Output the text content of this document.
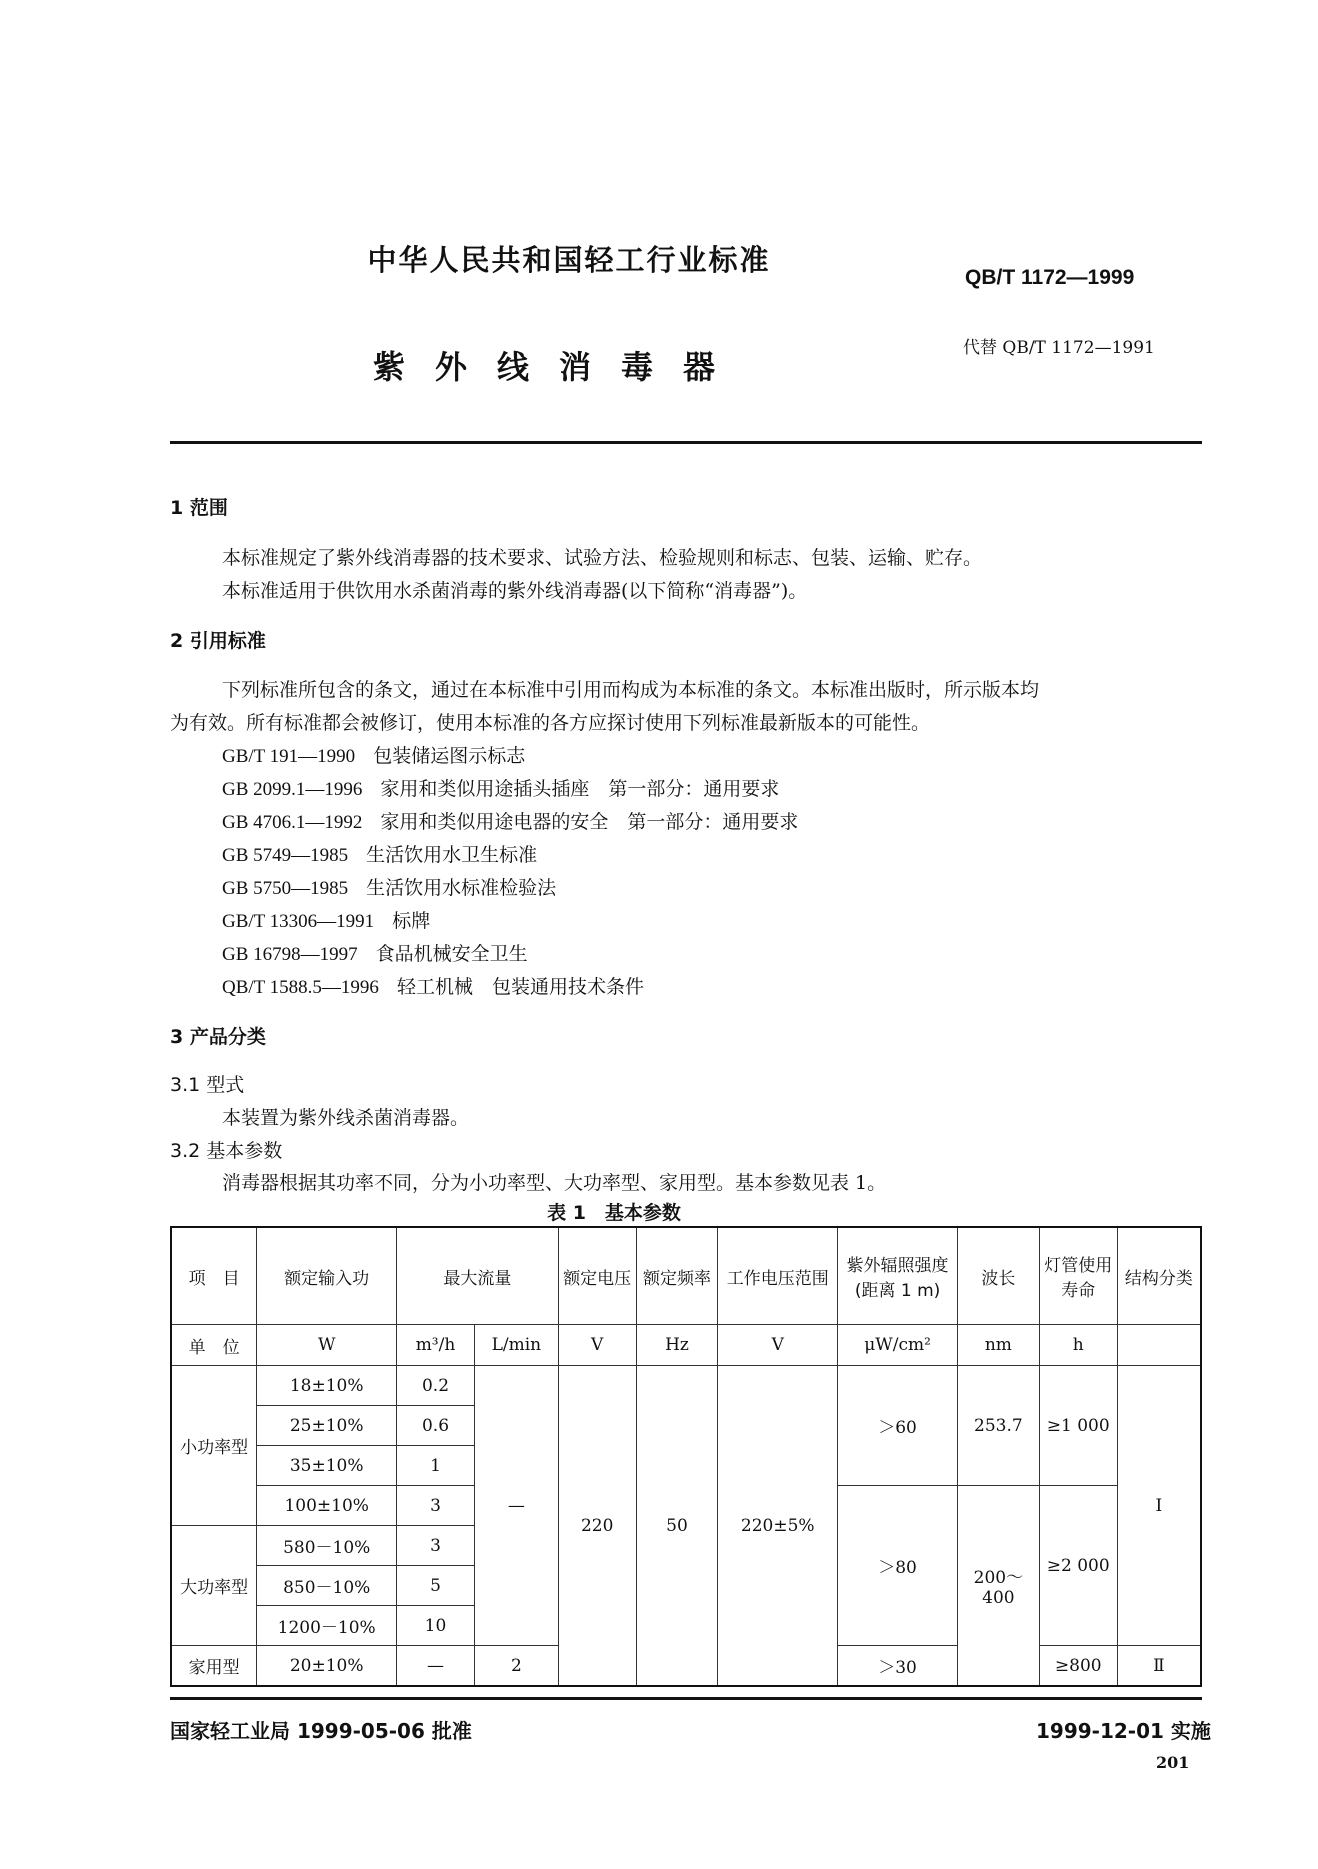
中华人民共和国轻工行业标准
QB/T 1172—1999
紫外线消毒器	代替 QB/T 1172—1991
1 范围
本标准规定了紫外线消毒器的技术要求、试验方法、检验规则和标志、包装、运输、贮存。
本标准适用于供饮用水杀菌消毒的紫外线消毒器(以下简称“消毒器”)。
2 引用标准
下列标准所包含的条文，通过在本标准中引用而构成为本标准的条文。本标准出版时，所示版本均
为有效。所有标准都会被修订，使用本标准的各方应探讨使用下列标准最新版本的可能性。
GB/T 191—1990 包装储运图示标志
GB 2099.1—1996 家用和类似用途插头插座　第一部分：通用要求
GB 4706.1—1992 家用和类似用途电器的安全　第一部分：通用要求
GB 5749—1985 生活饮用水卫生标准
GB 5750—1985 生活饮用水标准检验法
GB/T 13306—1991 标牌
GB 16798—1997 食品机械安全卫生
QB/T 1588.5—1996 轻工机械　包装通用技术条件
3 产品分类
3.1 型式
本装置为紫外线杀菌消毒器。
3.2 基本参数
消毒器根据其功率不同，分为小功率型、大功率型、家用型。基本参数见表 1。
表 1　基本参数
项　目	额定输入功	最大流量		额定电压	额定频率	工作电压范围	紫外辐照强度(距离 1 m)	波长	灯管使用寿命	结构分类
单　位	W	m³/h	L/min	V	Hz	V	μW/cm²	nm	h	
小功率型	18±10%	0.2	—	220	50	220±5%	＞60	253.7	≥1 000	Ⅰ
	25±10%	0.6								
	35±10%	1								
	100±10%	3					＞80	200～400	≥2 000	
大功率型	580－10%	3								
	850－10%	5								
	1200－10%	10								
家用型	20±10%	—	2				＞30		≥800	Ⅱ
国家轻工业局 1999-05-06 批准	1999-12-01 实施
201
